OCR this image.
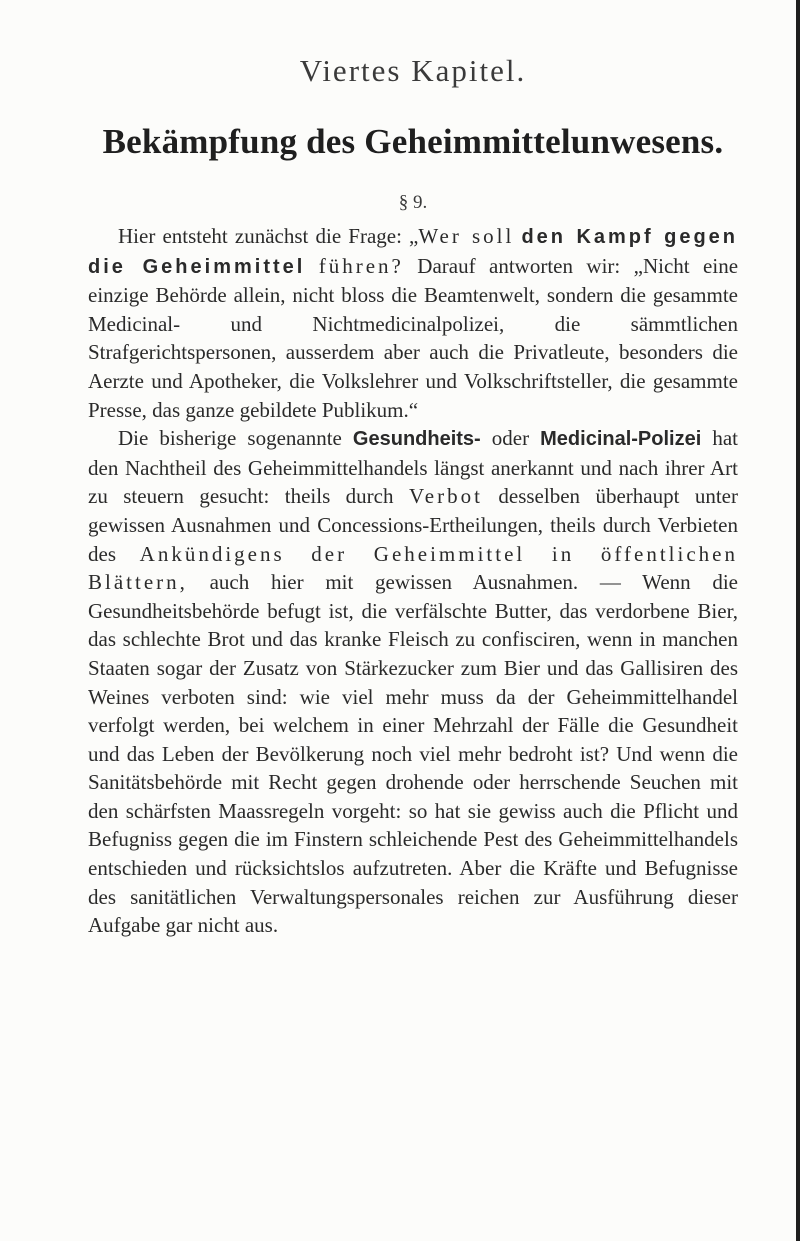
Viertes Kapitel.
Bekämpfung des Geheimmittelunwesens.
§ 9.

Hier entsteht zunächst die Frage: „Wer soll den Kampf gegen die Geheimmittel führen? Darauf antworten wir: „Nicht eine einzige Behörde allein, nicht bloss die Beamtenwelt, sondern die gesammte Medicinal- und Nichtmedicinalpolizei, die sämmtlichen Strafgerichtspersonen, ausserdem aber auch die Privatleute, besonders die Aerzte und Apotheker, die Volkslehrer und Volkschriftsteller, die gesammte Presse, das ganze gebildete Publikum.“

Die bisherige sogenannte Gesundheits- oder Medicinal-Polizei hat den Nachtheil des Geheimmittelhandels längst anerkannt und nach ihrer Art zu steuern gesucht: theils durch Verbot desselben überhaupt unter gewissen Ausnahmen und Concessions-Ertheilungen, theils durch Verbieten des Ankündigens der Geheimmittel in öffentlichen Blättern, auch hier mit gewissen Ausnahmen. — Wenn die Gesundheitsbehörde befugt ist, die verfälschte Butter, das verdorbene Bier, das schlechte Brot und das kranke Fleisch zu confisciren, wenn in manchen Staaten sogar der Zusatz von Stärkezucker zum Bier und das Gallisiren des Weines verboten sind: wie viel mehr muss da der Geheimmittelhandel verfolgt werden, bei welchem in einer Mehrzahl der Fälle die Gesundheit und das Leben der Bevölkerung noch viel mehr bedroht ist? Und wenn die Sanitätsbehörde mit Recht gegen drohende oder herrschende Seuchen mit den schärfsten Maassregeln vorgeht: so hat sie gewiss auch die Pflicht und Befugniss gegen die im Finstern schleichende Pest des Geheimmittelhandels entschieden und rücksichtslos aufzutreten. Aber die Kräfte und Befugnisse des sanitätlichen Verwaltungspersonales reichen zur Ausführung dieser Aufgabe gar nicht aus.
